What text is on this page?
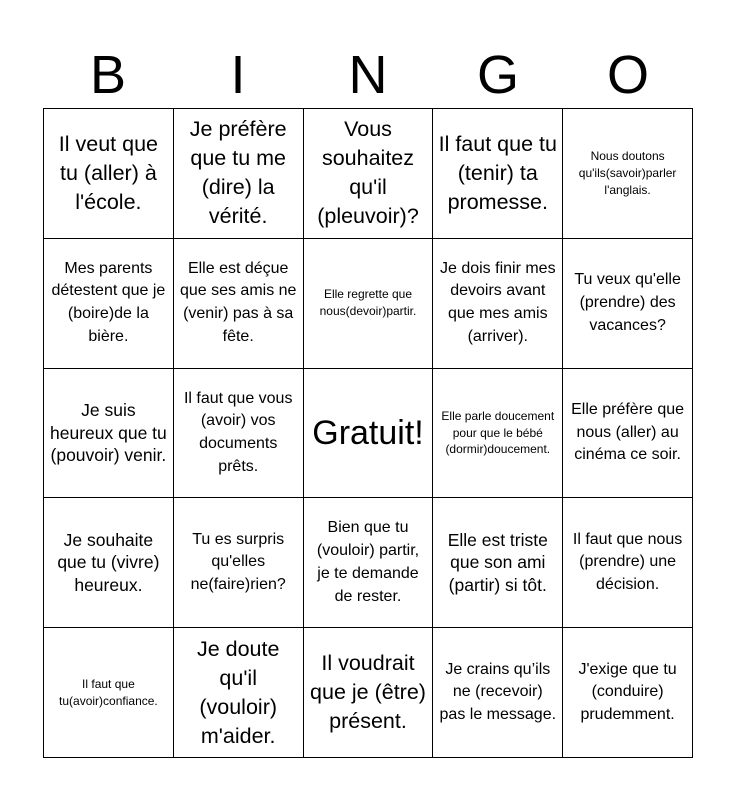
B	I	N	G	O
Il veut que tu (aller) à l'école.
Je préfère que tu me (dire) la vérité.
Vous souhaitez qu'il (pleuvoir)?
Il faut que tu (tenir) ta promesse.
Nous doutons qu'ils(savoir)parler l'anglais.
Mes parents détestent que je (boire)de la bière.
Elle est déçue que ses amis ne (venir) pas à sa fête.
Elle regrette que nous(devoir)partir.
Je dois finir mes devoirs avant que mes amis (arriver).
Tu veux qu'elle (prendre) des vacances?
Je suis heureux que tu (pouvoir) venir.
Il faut que vous (avoir) vos documents prêts.
Gratuit! Elle parle doucement pour que le bébé (dormir)doucement.
Elle préfère que nous (aller) au cinéma ce soir.
Je souhaite que tu (vivre) heureux.
Tu es surpris qu'elles ne(faire)rien?
Bien que tu (vouloir) partir, je te demande de rester.
Elle est triste que son ami (partir) si tôt.
Il faut que nous (prendre) une décision.
Il faut que tu(avoir)confiance.
Je doute qu'il (vouloir) m'aider.
Il voudrait que je (être) présent.
Je crains qu’ils ne (recevoir) pas le message.
J'exige que tu (conduire) prudemment.
